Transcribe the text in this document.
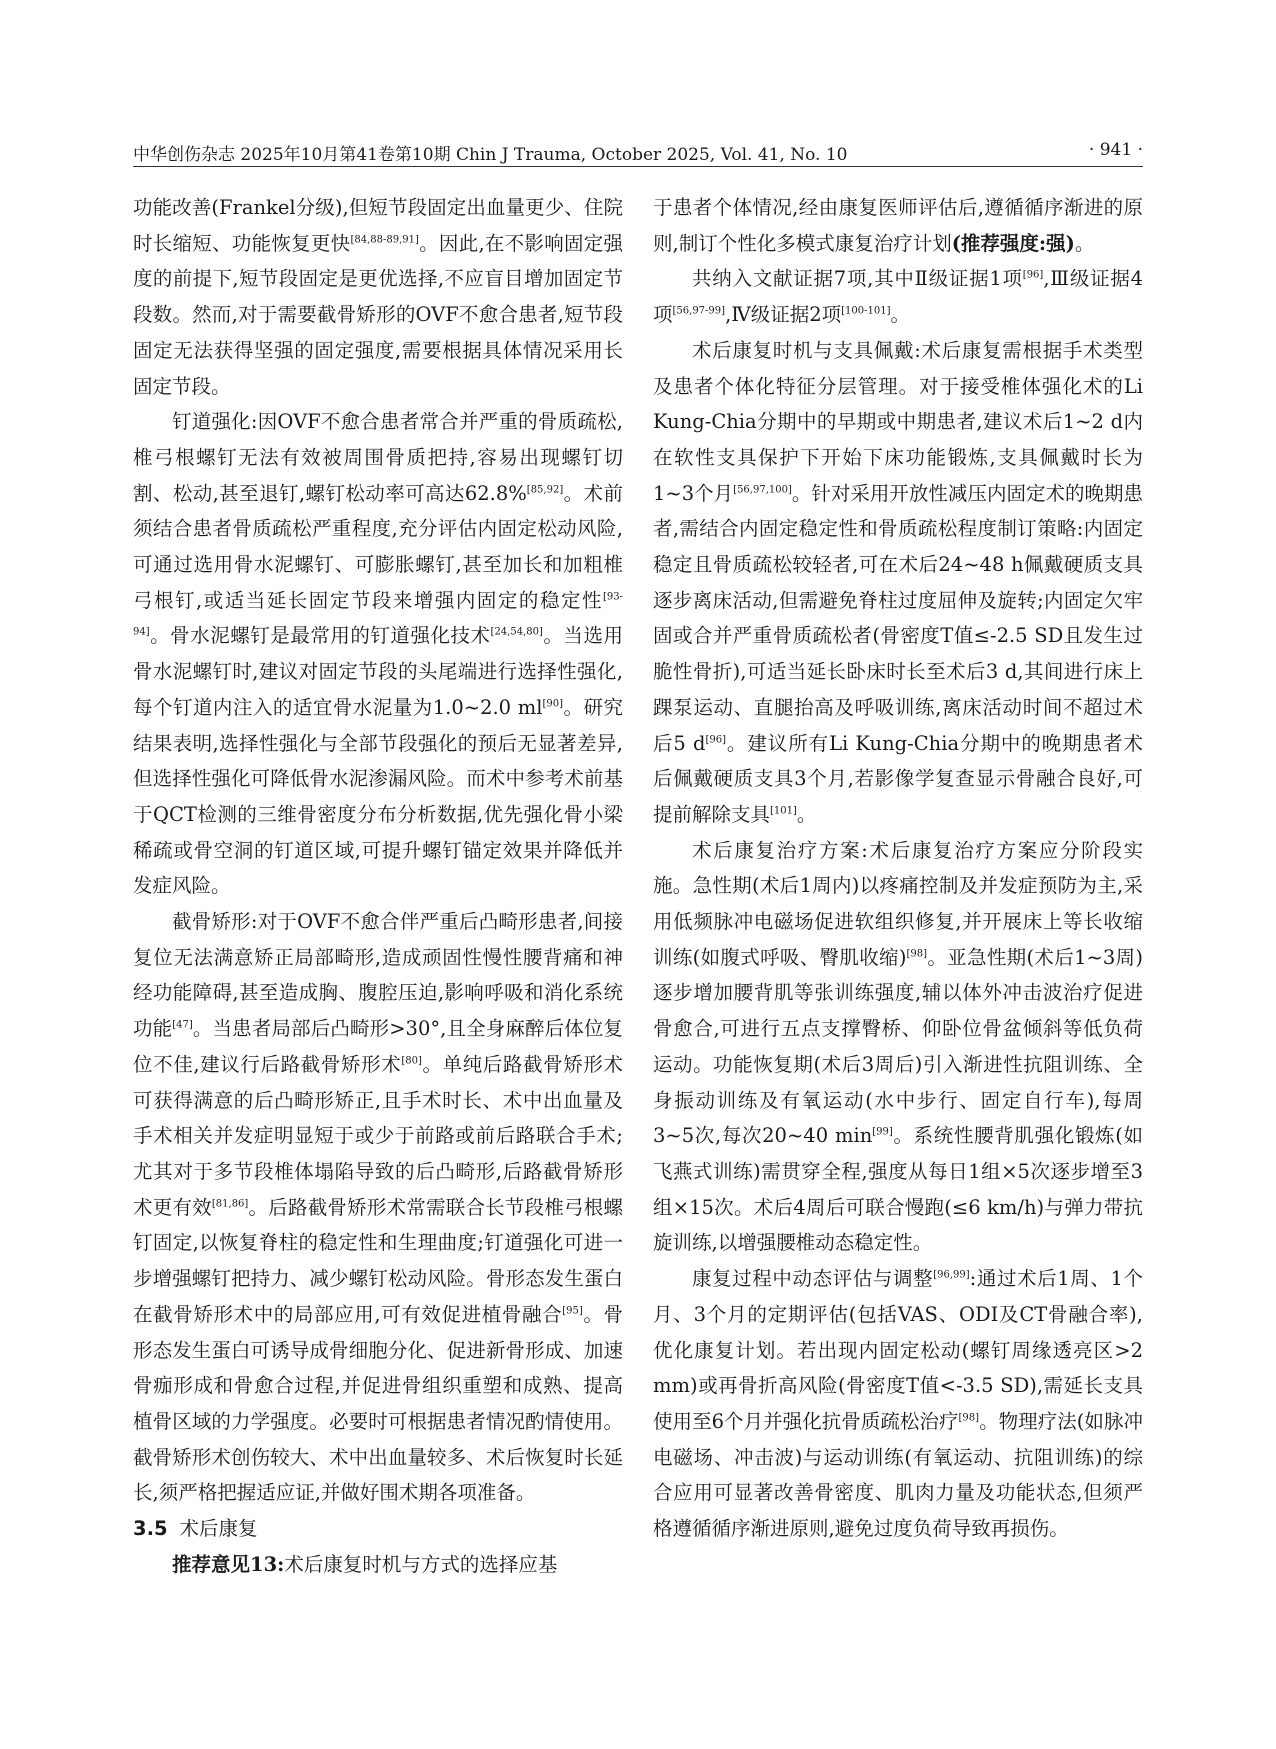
中华创伤杂志 2025年10月第41卷第10期 Chin J Trauma, October 2025, Vol. 41, No. 10	· 941 ·

功能改善(Frankel分级),但短节段固定出血量更少、住院时长缩短、功能恢复更快[84,88-89,91]。因此,在不影响固定强度的前提下,短节段固定是更优选择,不应盲目增加固定节段数。然而,对于需要截骨矫形的OVF不愈合患者,短节段固定无法获得坚强的固定强度,需要根据具体情况采用长固定节段。

钉道强化:因OVF不愈合患者常合并严重的骨质疏松,椎弓根螺钉无法有效被周围骨质把持,容易出现螺钉切割、松动,甚至退钉,螺钉松动率可高达62.8%[85,92]。术前须结合患者骨质疏松严重程度,充分评估内固定松动风险,可通过选用骨水泥螺钉、可膨胀螺钉,甚至加长和加粗椎弓根钉,或适当延长固定节段来增强内固定的稳定性[93-94]。骨水泥螺钉是最常用的钉道强化技术[24,54,80]。当选用骨水泥螺钉时,建议对固定节段的头尾端进行选择性强化,每个钉道内注入的适宜骨水泥量为1.0~2.0 ml[90]。研究结果表明,选择性强化与全部节段强化的预后无显著差异,但选择性强化可降低骨水泥渗漏风险。而术中参考术前基于QCT检测的三维骨密度分布分析数据,优先强化骨小梁稀疏或骨空洞的钉道区域,可提升螺钉锚定效果并降低并发症风险。

截骨矫形:对于OVF不愈合伴严重后凸畸形患者,间接复位无法满意矫正局部畸形,造成顽固性慢性腰背痛和神经功能障碍,甚至造成胸、腹腔压迫,影响呼吸和消化系统功能[47]。当患者局部后凸畸形>30°,且全身麻醉后体位复位不佳,建议行后路截骨矫形术[80]。单纯后路截骨矫形术可获得满意的后凸畸形矫正,且手术时长、术中出血量及手术相关并发症明显短于或少于前路或前后路联合手术;尤其对于多节段椎体塌陷导致的后凸畸形,后路截骨矫形术更有效[81,86]。后路截骨矫形术常需联合长节段椎弓根螺钉固定,以恢复脊柱的稳定性和生理曲度;钉道强化可进一步增强螺钉把持力、减少螺钉松动风险。骨形态发生蛋白在截骨矫形术中的局部应用,可有效促进植骨融合[95]。骨形态发生蛋白可诱导成骨细胞分化、促进新骨形成、加速骨痂形成和骨愈合过程,并促进骨组织重塑和成熟、提高植骨区域的力学强度。必要时可根据患者情况酌情使用。截骨矫形术创伤较大、术中出血量较多、术后恢复时长延长,须严格把握适应证,并做好围术期各项准备。

3.5 术后康复

推荐意见13:术后康复时机与方式的选择应基

于患者个体情况,经由康复医师评估后,遵循循序渐进的原则,制订个性化多模式康复治疗计划(推荐强度:强)。

共纳入文献证据7项,其中Ⅱ级证据1项[96],Ⅲ级证据4项[56,97-99],Ⅳ级证据2项[100-101]。

术后康复时机与支具佩戴:术后康复需根据手术类型及患者个体化特征分层管理。对于接受椎体强化术的Li Kung-Chia分期中的早期或中期患者,建议术后1~2 d内在软性支具保护下开始下床功能锻炼,支具佩戴时长为1~3个月[56,97,100]。针对采用开放性减压内固定术的晚期患者,需结合内固定稳定性和骨质疏松程度制订策略:内固定稳定且骨质疏松较轻者,可在术后24~48 h佩戴硬质支具逐步离床活动,但需避免脊柱过度屈伸及旋转;内固定欠牢固或合并严重骨质疏松者(骨密度T值≤-2.5 SD且发生过脆性骨折),可适当延长卧床时长至术后3 d,其间进行床上踝泵运动、直腿抬高及呼吸训练,离床活动时间不超过术后5 d[96]。建议所有Li Kung-Chia分期中的晚期患者术后佩戴硬质支具3个月,若影像学复查显示骨融合良好,可提前解除支具[101]。

术后康复治疗方案:术后康复治疗方案应分阶段实施。急性期(术后1周内)以疼痛控制及并发症预防为主,采用低频脉冲电磁场促进软组织修复,并开展床上等长收缩训练(如腹式呼吸、臀肌收缩)[98]。亚急性期(术后1~3周)逐步增加腰背肌等张训练强度,辅以体外冲击波治疗促进骨愈合,可进行五点支撑臀桥、仰卧位骨盆倾斜等低负荷运动。功能恢复期(术后3周后)引入渐进性抗阻训练、全身振动训练及有氧运动(水中步行、固定自行车),每周3~5次,每次20~40 min[99]。系统性腰背肌强化锻炼(如飞燕式训练)需贯穿全程,强度从每日1组×5次逐步增至3组×15次。术后4周后可联合慢跑(≤6 km/h)与弹力带抗旋训练,以增强腰椎动态稳定性。

康复过程中动态评估与调整[96,99]:通过术后1周、1个月、3个月的定期评估(包括VAS、ODI及CT骨融合率),优化康复计划。若出现内固定松动(螺钉周缘透亮区>2 mm)或再骨折高风险(骨密度T值<-3.5 SD),需延长支具使用至6个月并强化抗骨质疏松治疗[98]。物理疗法(如脉冲电磁场、冲击波)与运动训练(有氧运动、抗阻训练)的综合应用可显著改善骨密度、肌肉力量及功能状态,但须严格遵循循序渐进原则,避免过度负荷导致再损伤。
